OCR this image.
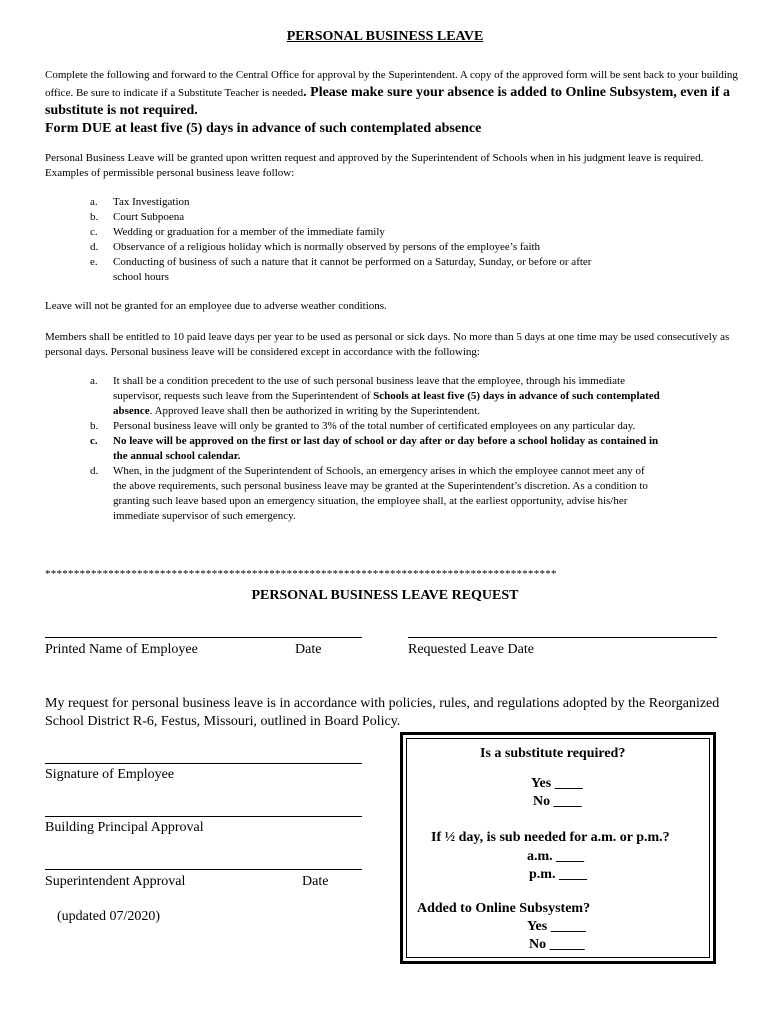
PERSONAL BUSINESS LEAVE
Complete the following and forward to the Central Office for approval by the Superintendent. A copy of the approved form will be sent back to your building office. Be sure to indicate if a Substitute Teacher is needed. Please make sure your absence is added to Online Subsystem, even if a substitute is not required.
Form DUE at least five (5) days in advance of such contemplated absence
Personal Business Leave will be granted upon written request and approved by the Superintendent of Schools when in his judgment leave is required. Examples of permissible personal business leave follow:
a. Tax Investigation
b. Court Subpoena
c. Wedding or graduation for a member of the immediate family
d. Observance of a religious holiday which is normally observed by persons of the employee’s faith
e. Conducting of business of such a nature that it cannot be performed on a Saturday, Sunday, or before or after school hours
Leave will not be granted for an employee due to adverse weather conditions.
Members shall be entitled to 10 paid leave days per year to be used as personal or sick days. No more than 5 days at one time may be used consecutively as personal days. Personal business leave will be considered except in accordance with the following:
a. It shall be a condition precedent to the use of such personal business leave that the employee, through his immediate supervisor, requests such leave from the Superintendent of Schools at least five (5) days in advance of such contemplated absence. Approved leave shall then be authorized in writing by the Superintendent.
b. Personal business leave will only be granted to 3% of the total number of certificated employees on any particular day.
c. No leave will be approved on the first or last day of school or day after or day before a school holiday as contained in the annual school calendar.
d. When, in the judgment of the Superintendent of Schools, an emergency arises in which the employee cannot meet any of the above requirements, such personal business leave may be granted at the Superintendent’s discretion. As a condition to granting such leave based upon an emergency situation, the employee shall, at the earliest opportunity, advise his/her immediate supervisor of such emergency.
*****************************************************************************************
PERSONAL BUSINESS LEAVE REQUEST
Printed Name of Employee	Date	Requested Leave Date
My request for personal business leave is in accordance with policies, rules, and regulations adopted by the Reorganized School District R-6, Festus, Missouri, outlined in Board Policy.
Signature of Employee
Building Principal Approval
Superintendent Approval	Date
(updated 07/2020)
Is a substitute required?
Yes ____
No ____
If ½ day, is sub needed for a.m. or p.m.?
a.m. ____
p.m. ____
Added to Online Subsystem?
Yes _____
No _____
